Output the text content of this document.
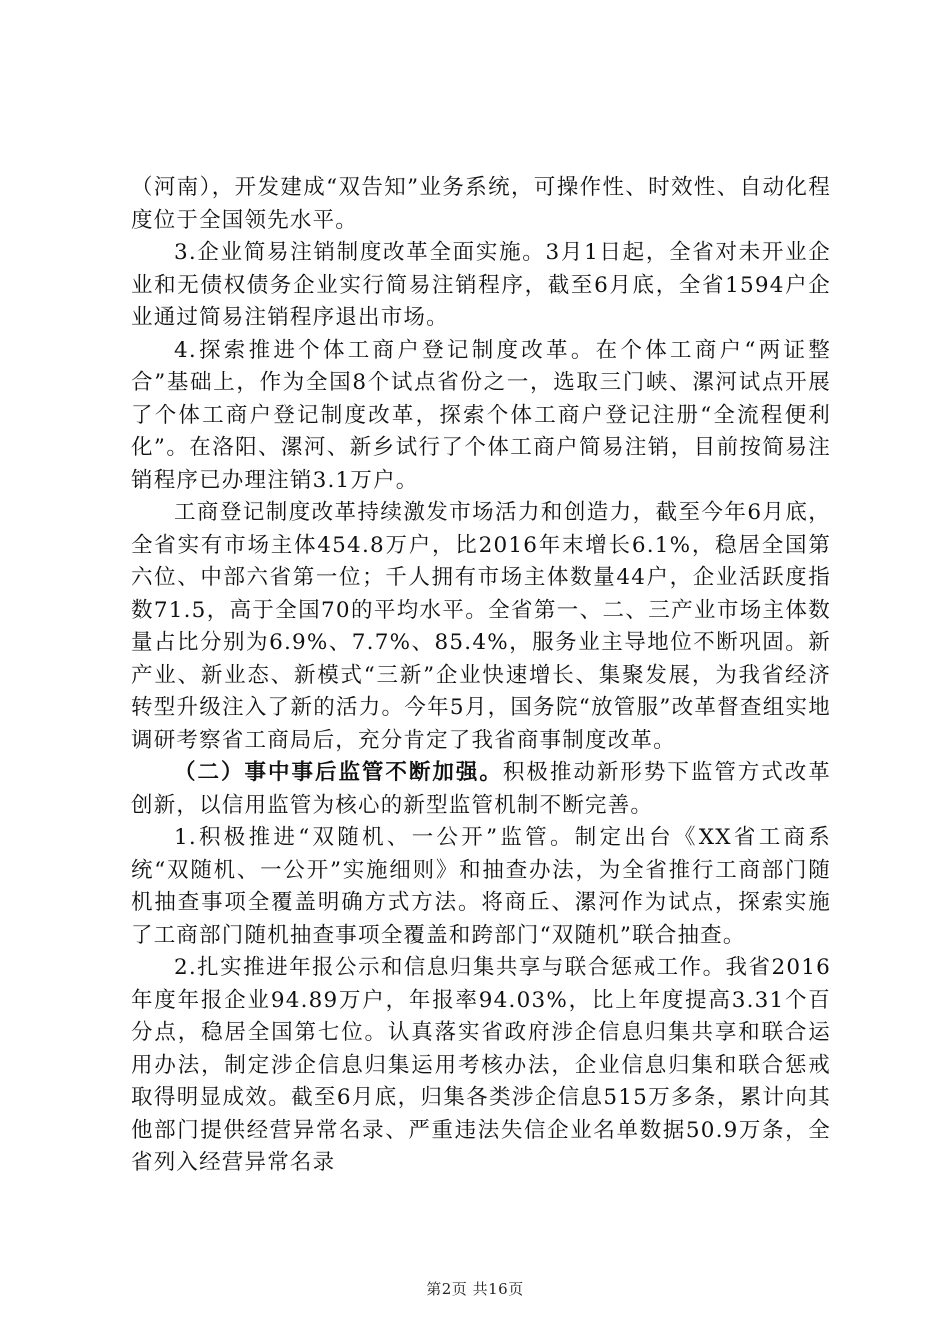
（河南），开发建成“双告知”业务系统，可操作性、时效性、自动化程度位于全国领先水平。

3.企业简易注销制度改革全面实施。3月1日起，全省对未开业企业和无债权债务企业实行简易注销程序，截至6月底，全省1594户企业通过简易注销程序退出市场。

4.探索推进个体工商户登记制度改革。在个体工商户“两证整合”基础上，作为全国8个试点省份之一，选取三门峡、漯河试点开展了个体工商户登记制度改革，探索个体工商户登记注册“全流程便利化”。在洛阳、漯河、新乡试行了个体工商户简易注销，目前按简易注销程序已办理注销3.1万户。

工商登记制度改革持续激发市场活力和创造力，截至今年6月底，全省实有市场主体454.8万户，比2016年末增长6.1%，稳居全国第六位、中部六省第一位；千人拥有市场主体数量44户，企业活跃度指数71.5，高于全国70的平均水平。全省第一、二、三产业市场主体数量占比分别为6.9%、7.7%、85.4%，服务业主导地位不断巩固。新产业、新业态、新模式“三新”企业快速增长、集聚发展，为我省经济转型升级注入了新的活力。今年5月，国务院“放管服”改革督查组实地调研考察省工商局后，充分肯定了我省商事制度改革。

（二）事中事后监管不断加强。积极推动新形势下监管方式改革创新，以信用监管为核心的新型监管机制不断完善。

1.积极推进“双随机、一公开”监管。制定出台《XX省工商系统“双随机、一公开”实施细则》和抽查办法，为全省推行工商部门随机抽查事项全覆盖明确方式方法。将商丘、漯河作为试点，探索实施了工商部门随机抽查事项全覆盖和跨部门“双随机”联合抽查。

2.扎实推进年报公示和信息归集共享与联合惩戒工作。我省2016年度年报企业94.89万户，年报率94.03%，比上年度提高3.31个百分点，稳居全国第七位。认真落实省政府涉企信息归集共享和联合运用办法，制定涉企信息归集运用考核办法，企业信息归集和联合惩戒取得明显成效。截至6月底，归集各类涉企信息515万多条，累计向其他部门提供经营异常名录、严重违法失信企业名单数据50.9万条，全省列入经营异常名录

第2页 共16页
